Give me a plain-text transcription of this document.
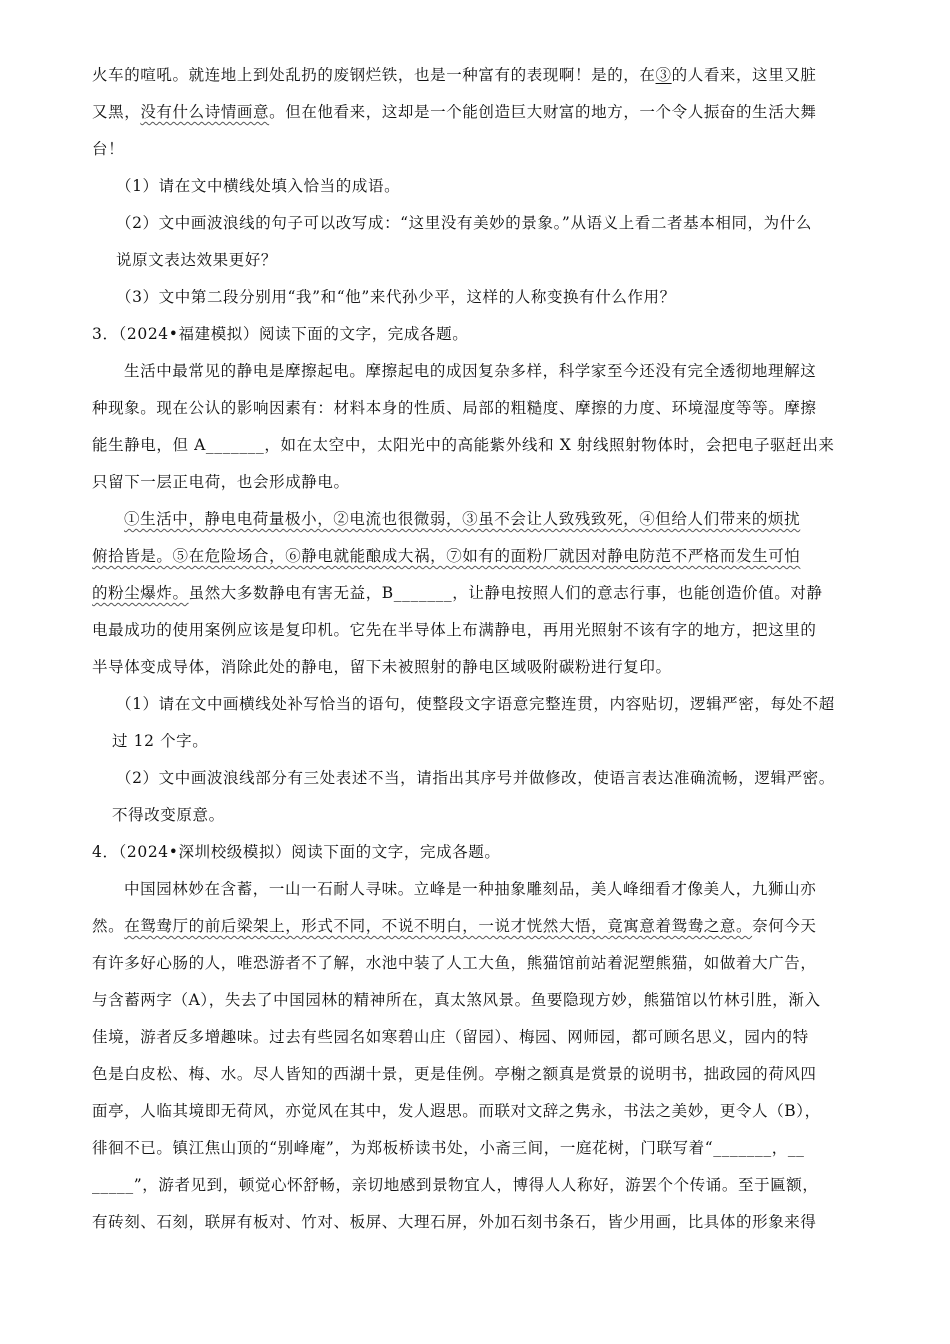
火车的喧吼。就连地上到处乱扔的废钢烂铁，也是一种富有的表现啊！是的，在③的人看来，这里又脏
又黑，没有什么诗情画意。但在他看来，这却是一个能创造巨大财富的地方，一个令人振奋的生活大舞
台！
（1）请在文中横线处填入恰当的成语。
（2）文中画波浪线的句子可以改写成：“这里没有美妙的景象。”从语义上看二者基本相同，为什么
说原文表达效果更好？
（3）文中第二段分别用“我”和“他”来代孙少平，这样的人称变换有什么作用？
3．（2024•福建模拟）阅读下面的文字，完成各题。
生活中最常见的静电是摩擦起电。摩擦起电的成因复杂多样，科学家至今还没有完全透彻地理解这
种现象。现在公认的影响因素有：材料本身的性质、局部的粗糙度、摩擦的力度、环境湿度等等。摩擦
能生静电，但 A_______，如在太空中，太阳光中的高能紫外线和 X 射线照射物体时，会把电子驱赶出来
只留下一层正电荷，也会形成静电。
①生活中，静电电荷量极小，②电流也很微弱，③虽不会让人致残致死，④但给人们带来的烦扰
俯拾皆是。⑤在危险场合，⑥静电就能酿成大祸，⑦如有的面粉厂就因对静电防范不严格而发生可怕
的粉尘爆炸。虽然大多数静电有害无益，B_______，让静电按照人们的意志行事，也能创造价值。对静
电最成功的使用案例应该是复印机。它先在半导体上布满静电，再用光照射不该有字的地方，把这里的
半导体变成导体，消除此处的静电，留下未被照射的静电区域吸附碳粉进行复印。
（1）请在文中画横线处补写恰当的语句，使整段文字语意完整连贯，内容贴切，逻辑严密，每处不超
过 12 个字。
（2）文中画波浪线部分有三处表述不当，请指出其序号并做修改，使语言表达准确流畅，逻辑严密。
不得改变原意。
4．（2024•深圳校级模拟）阅读下面的文字，完成各题。
中国园林妙在含蓄，一山一石耐人寻味。立峰是一种抽象雕刻品，美人峰细看才像美人，九狮山亦
然。在鸳鸯厅的前后梁架上，形式不同，不说不明白，一说才恍然大悟，竟寓意着鸳鸯之意。奈何今天
有许多好心肠的人，唯恐游者不了解，水池中装了人工大鱼，熊猫馆前站着泥塑熊猫，如做着大广告，
与含蓄两字（A），失去了中国园林的精神所在，真太煞风景。鱼要隐现方妙，熊猫馆以竹林引胜，渐入
佳境，游者反多增趣味。过去有些园名如寒碧山庄（留园）、梅园、网师园，都可顾名思义，园内的特
色是白皮松、梅、水。尽人皆知的西湖十景，更是佳例。亭榭之额真是赏景的说明书，拙政园的荷风四
面亭，人临其境即无荷风，亦觉风在其中，发人遐思。而联对文辞之隽永，书法之美妙，更令人（B），
徘徊不已。镇江焦山顶的“别峰庵”，为郑板桥读书处，小斋三间，一庭花树，门联写着“_______，__
_____”，游者见到，顿觉心怀舒畅，亲切地感到景物宜人，博得人人称好，游罢个个传诵。至于匾额，
有砖刻、石刻，联屏有板对、竹对、板屏、大理石屏，外加石刻书条石，皆少用画，比具体的形象来得
